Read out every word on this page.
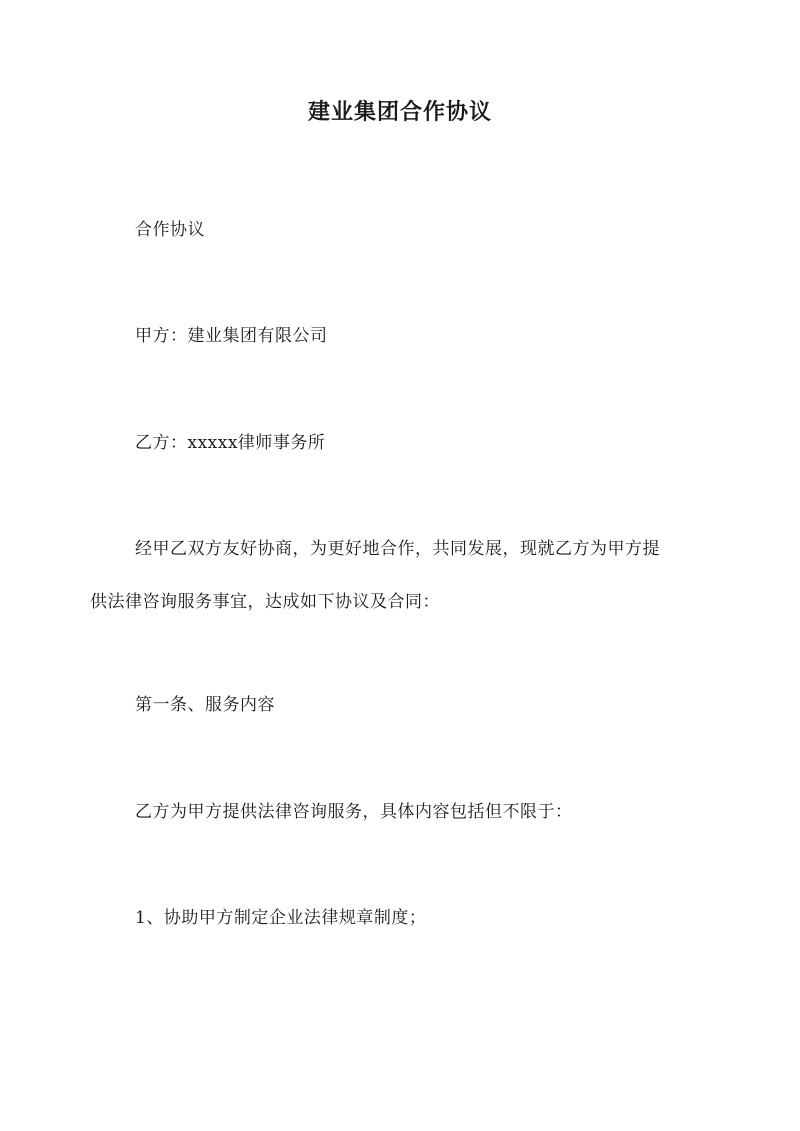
建业集团合作协议
合作协议
甲方：建业集团有限公司
乙方：xxxxx律师事务所
经甲乙双方友好协商，为更好地合作，共同发展，现就乙方为甲方提
供法律咨询服务事宜，达成如下协议及合同：
第一条、服务内容
乙方为甲方提供法律咨询服务，具体内容包括但不限于：
1、协助甲方制定企业法律规章制度；
